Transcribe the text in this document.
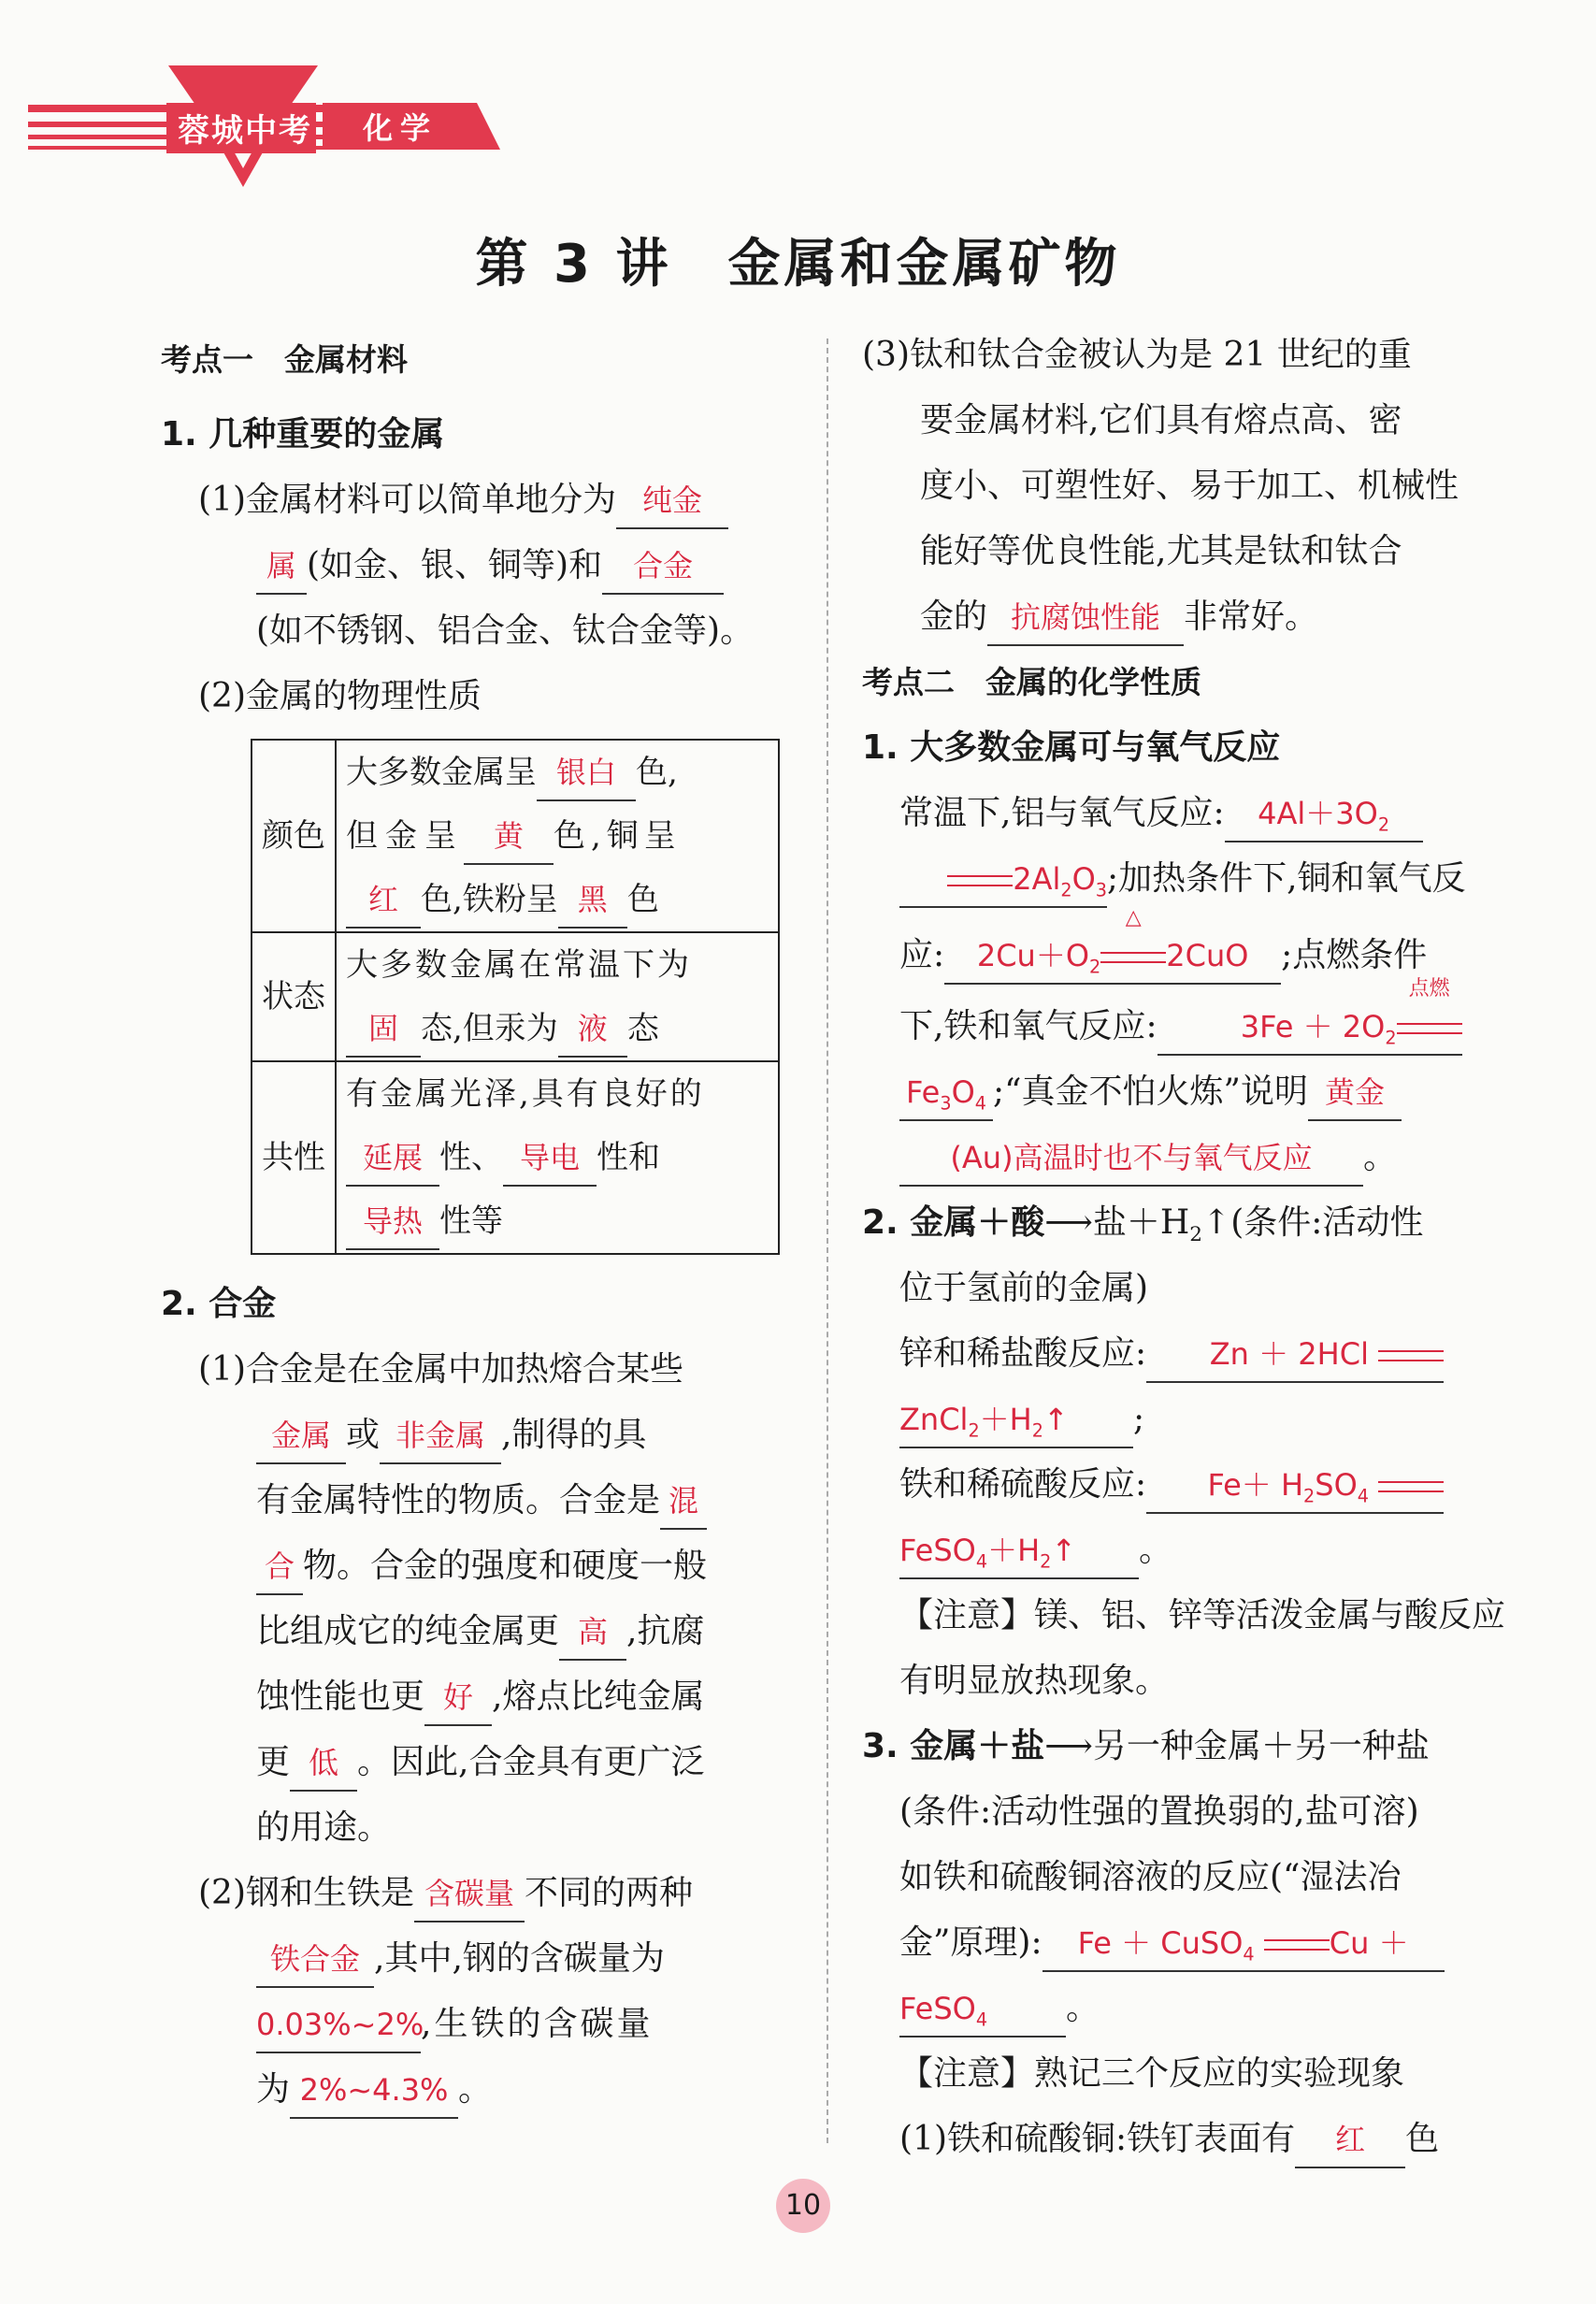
蓉城中考 化学
第 3 讲　金属和金属矿物
考点一　金属材料
1. 几种重要的金属
(1)金属材料可以简单地分为 纯金
属 (如金、银、铜等)和 合金
(如不锈钢、铝合金、钛合金等)。
(2)金属的物理性质
颜色	大多数金属呈 银白 色,
但金呈 黄 色,铜呈
红 色,铁粉呈 黑 色

状态	大多数金属在常温下为
固 态,但汞为 液 态

共性	有金属光泽,具有良好的
延展 性、 导电 性和
导热 性等
2. 合金
(1)合金是在金属中加热熔合某些
金属 或 非金属 ,制得的具
有金属特性的物质。合金是 混
合 物。合金的强度和硬度一般
比组成它的纯金属更 高 ,抗腐
蚀性能也更 好 ,熔点比纯金属
更 低 。因此,合金具有更广泛
的用途。
(2)钢和生铁是 含碳量 不同的两种
铁合金 ,其中,钢的含碳量为
0.03%~2%,生铁的含碳量
为 2%~4.3% 。
(3)钛和钛合金被认为是 21 世纪的重
要金属材料,它们具有熔点高、密
度小、可塑性好、易于加工、机械性
能好等优良性能,尤其是钛和钛合
金的 抗腐蚀性能 非常好。
考点二　金属的化学性质
1. 大多数金属可与氧气反应
常温下,铝与氧气反应: $4Al+3O_2$
$2Al_2O_3$;加热条件下,铜和氧气反
应: $2Cu+O_2$
△
2CuO ;点燃条件
下,铁和氧气反应:	$3Fe + 2O_2$
点燃
$Fe_3O_4$ ;“真金不怕火炼”说明 黄金
(Au)高温时也不与氧气反应 。
2. 金属＋酸⟶盐$+H_2↑$(条件:活动性
位于氢前的金属)
锌和稀盐酸反应: Zn ＋ 2HCl
$ZnCl_2+H_2↑$ ;
铁和稀硫酸反应: $Fe+ H_2SO_4$
$FeSO_4+H_2↑$ 。
【注意】镁、铝、锌等活泼金属与酸反应
有明显放热现象。
3. 金属＋盐⟶另一种金属＋另一种盐
(条件:活动性强的置换弱的,盐可溶)
如铁和硫酸铜溶液的反应(“湿法冶
金”原理): Fe ＋ CuSO$_4$	Cu ＋
FeSO$_4$ 。
【注意】熟记三个反应的实验现象
(1)铁和硫酸铜:铁钉表面有 红 色
10
